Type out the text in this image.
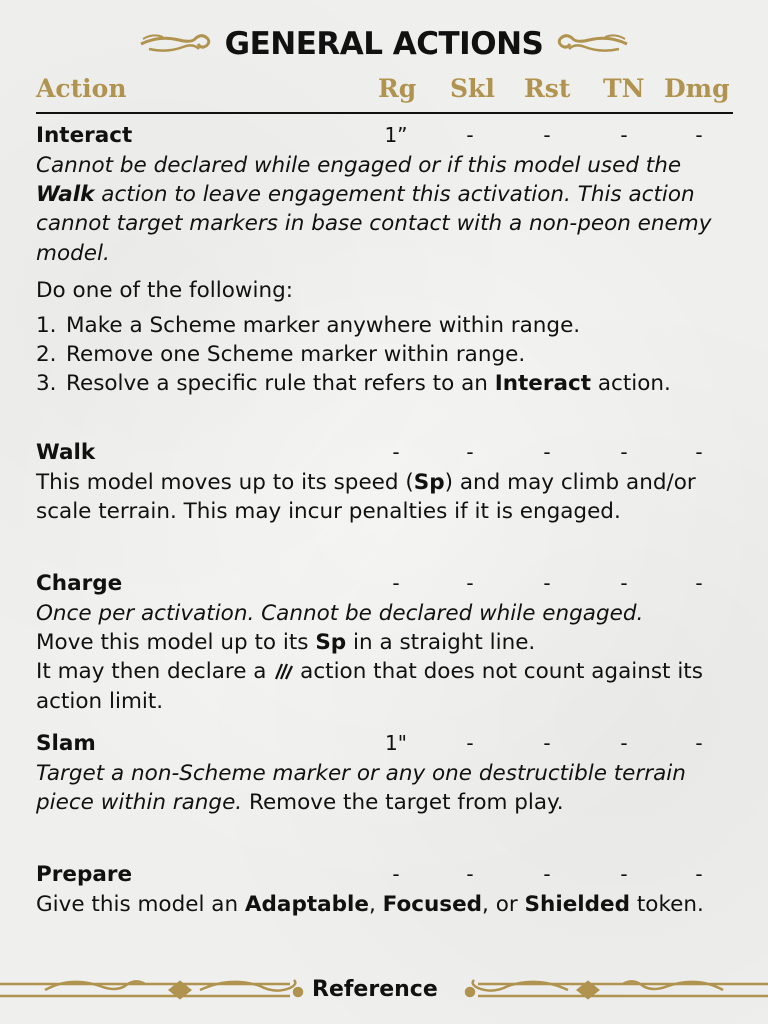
GENERAL ACTIONS
Action	Rg Skl Rst TN Dmg
Interact	1”	-	-	-	-

Cannot be declared while engaged or if this model used the Walk action to leave engagement this activation. This action cannot target markers in base contact with a non-peon enemy model.

Do one of the following:

1. Make a Scheme marker anywhere within range.
2. Remove one Scheme marker within range.
3. Resolve a specific rule that refers to an Interact action.
Walk	-	-	-	-	-

This model moves up to its speed (Sp) and may climb and/or scale terrain. This may incur penalties if it is engaged.

Charge	-	-	-	-	-

Once per activation. Cannot be declared while engaged.

Move this model up to its Sp in a straight line.

It may then declare a  action that does not count against its action limit.

Slam	1"	-	-	-	-

Target a non-Scheme marker or any one destructible terrain piece within range. Remove the target from play.

Prepare	-	-	-	-	-

Give this model an Adaptable, Focused, or Shielded token.

Reference
